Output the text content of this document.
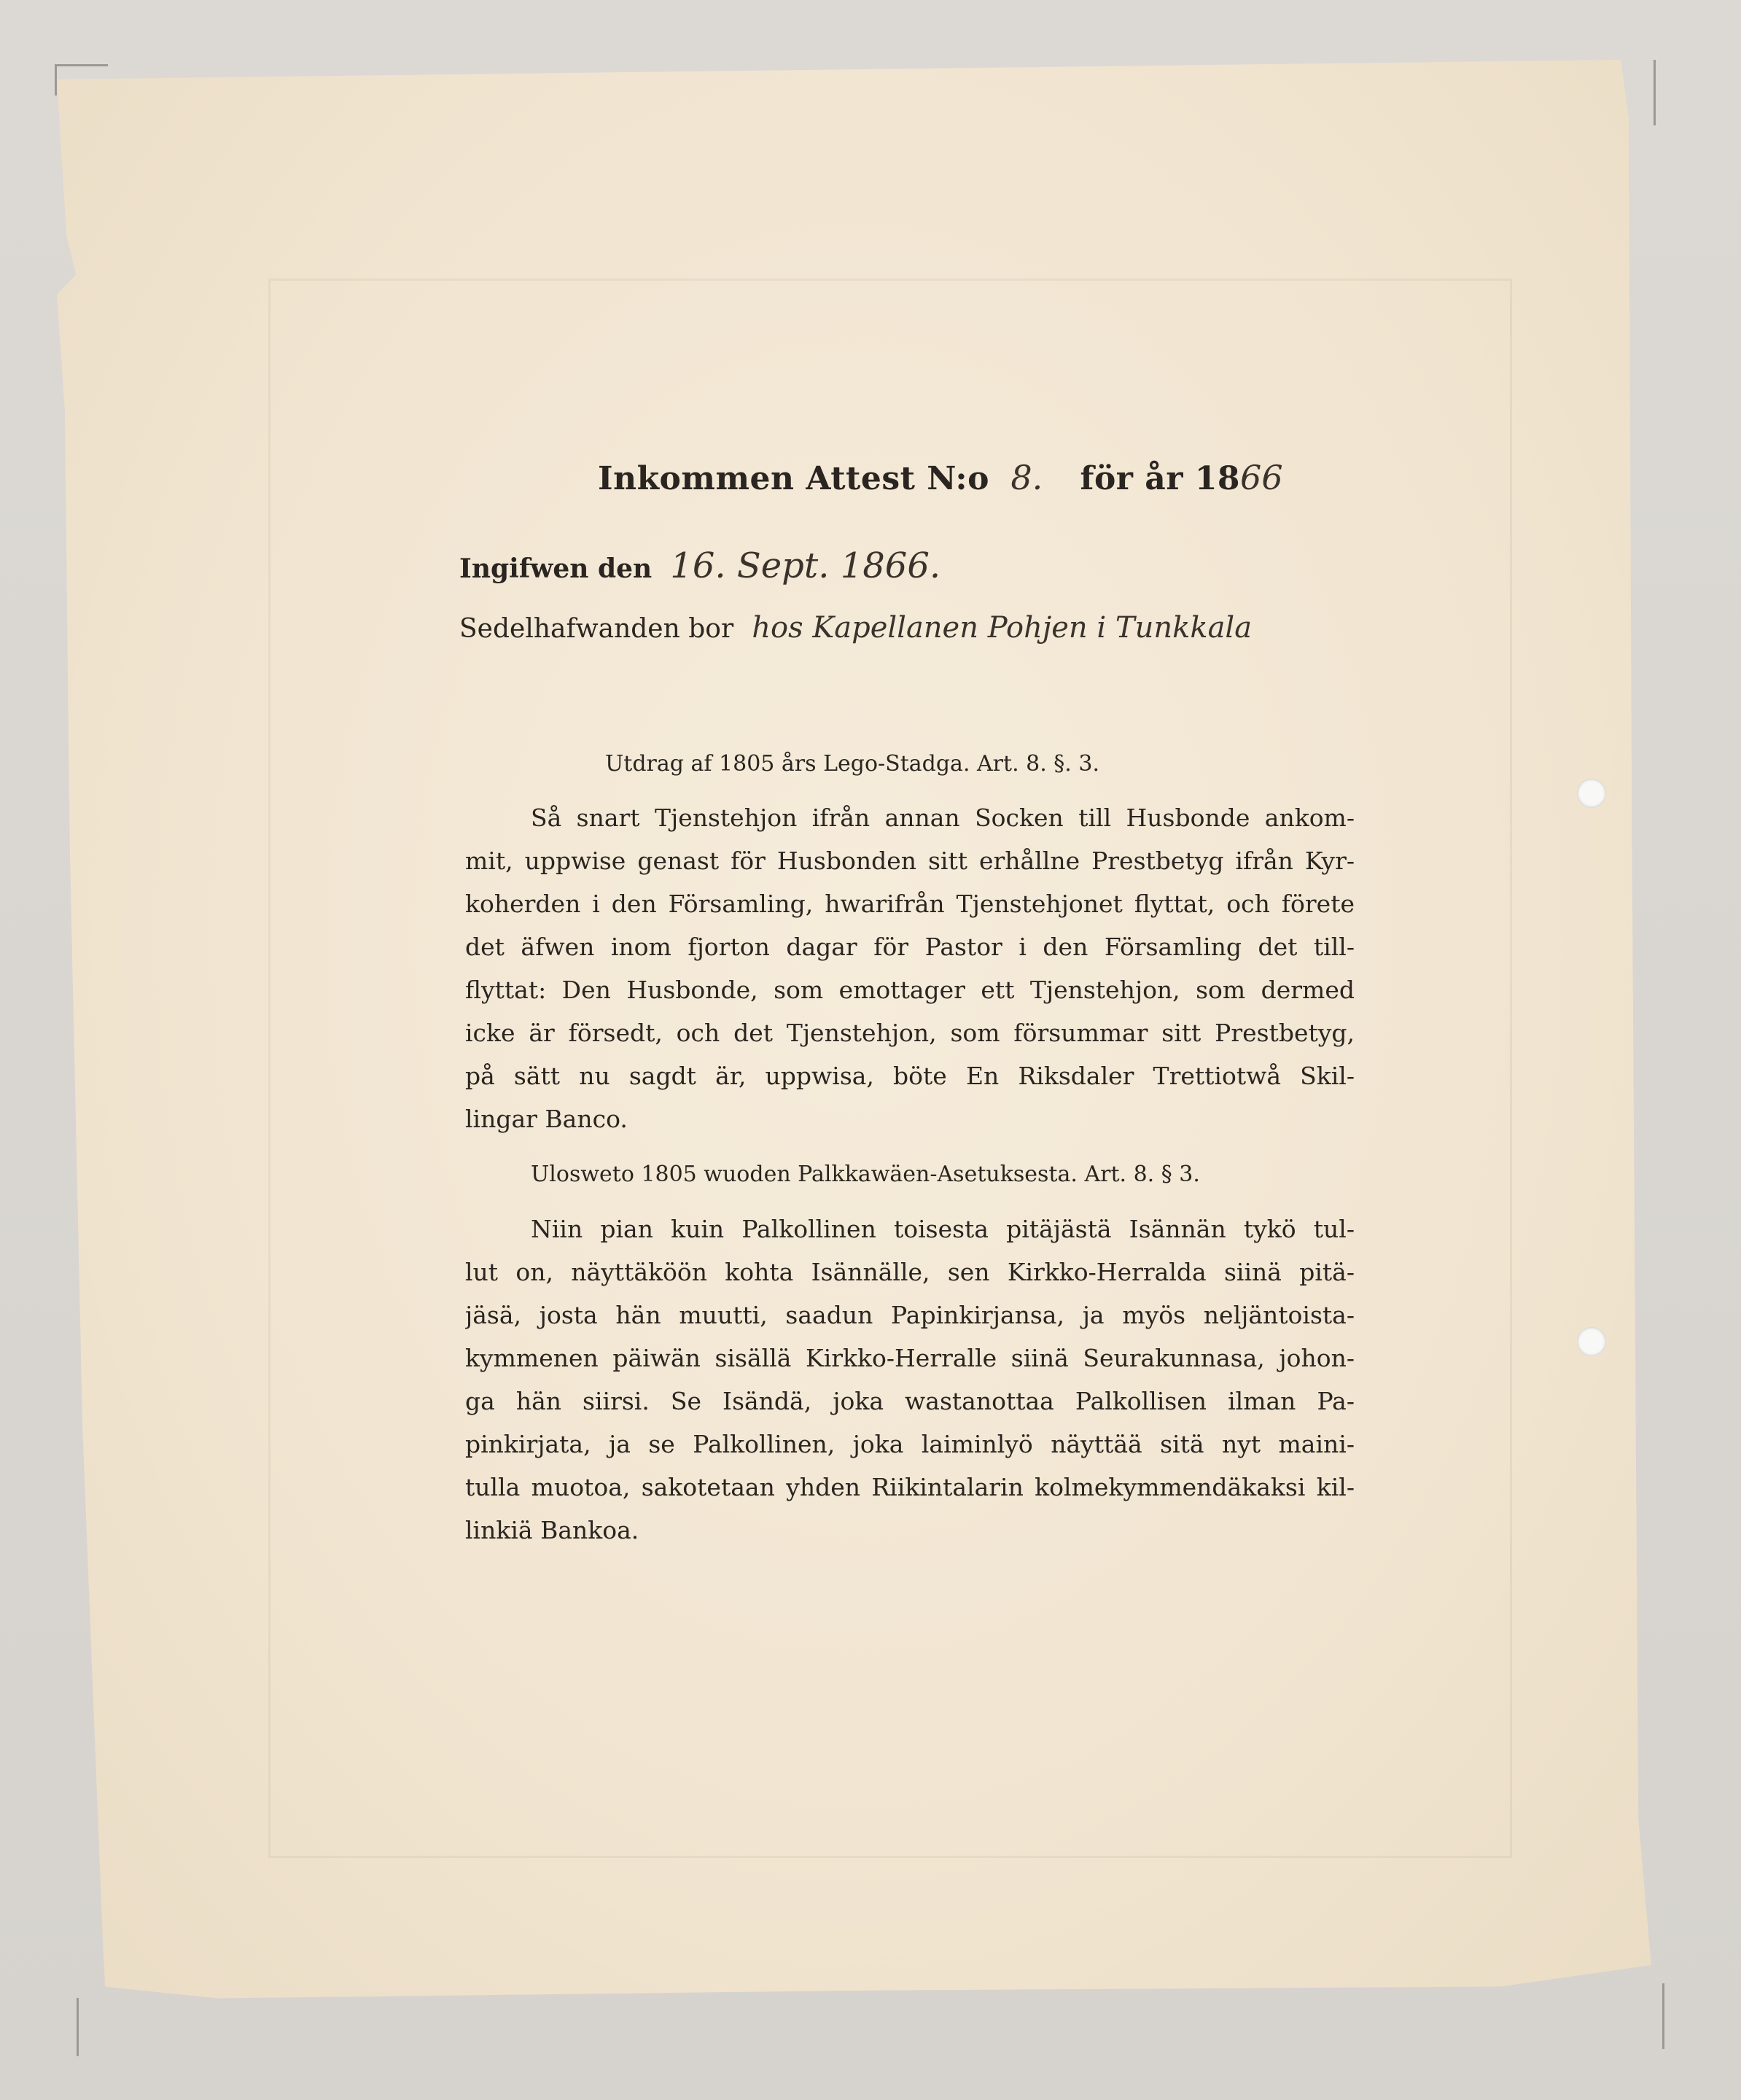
Inkommen Attest N:o 8. för år 1866
Ingifwen den 16. Sept. 1866.
Sedelhafwanden bor hos Kapellanen Pohjen i Tunkkala
Utdrag af 1805 års Lego-Stadga. Art. 8. §. 3.
Så snart Tjenstehjon ifrån annan Socken till Husbonde ankom-
mit, uppwise genast för Husbonden sitt erhållne Prestbetyg ifrån Kyr-
koherden i den Församling, hwarifrån Tjenstehjonet flyttat, och förete
det äfwen inom fjorton dagar för Pastor i den Församling det till-
flyttat: Den Husbonde, som emottager ett Tjenstehjon, som dermed
icke är försedt, och det Tjenstehjon, som försummar sitt Prestbetyg,
på sätt nu sagdt är, uppwisa, böte En Riksdaler Trettiotwå Skil-
lingar Banco.
Ulosweto 1805 wuoden Palkkawäen-Asetuksesta. Art. 8. § 3.
Niin pian kuin Palkollinen toisesta pitäjästä Isännän tykö tul-
lut on, näyttäköön kohta Isännälle, sen Kirkko-Herralda siinä pitä-
jäsä, josta hän muutti, saadun Papinkirjansa, ja myös neljäntoista-
kymmenen päiwän sisällä Kirkko-Herralle siinä Seurakunnasa, johon-
ga hän siirsi. Se Isändä, joka wastanottaa Palkollisen ilman Pa-
pinkirjata, ja se Palkollinen, joka laiminlyö näyttää sitä nyt maini-
tulla muotoa, sakotetaan yhden Riikintalarin kolmekymmendäkaksi kil-
linkiä Bankoa.
